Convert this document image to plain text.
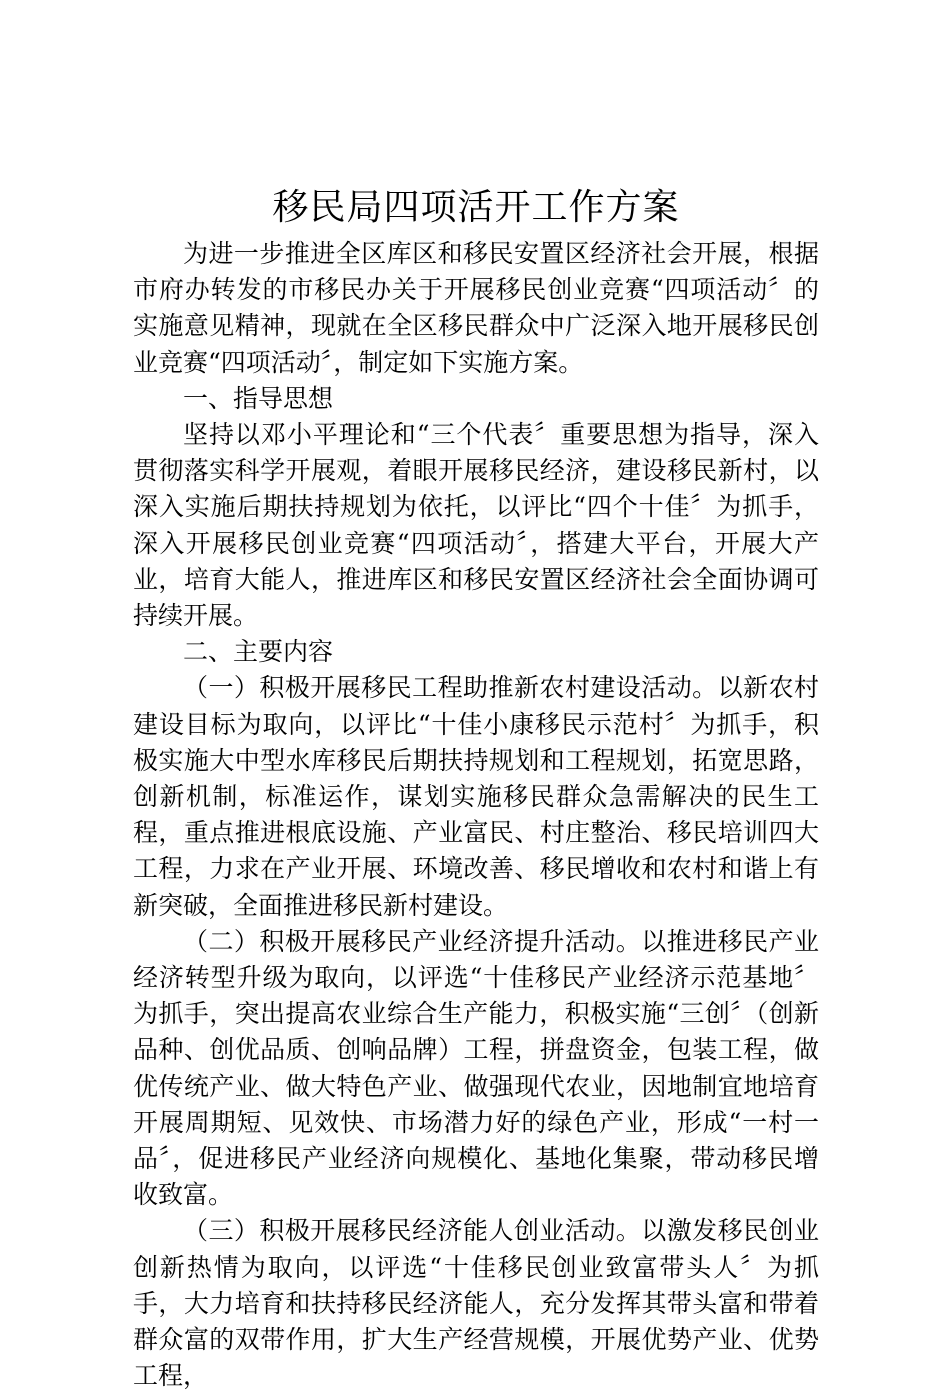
移民局四项活开工作方案

为进一步推进全区库区和移民安置区经济社会开展，根据市府办转发的市移民办关于开展移民创业竞赛“四项活动〞的实施意见精神，现就在全区移民群众中广泛深入地开展移民创业竞赛“四项活动〞，制定如下实施方案。

一、指导思想

坚持以邓小平理论和“三个代表〞重要思想为指导，深入贯彻落实科学开展观，着眼开展移民经济，建设移民新村，以深入实施后期扶持规划为依托，以评比“四个十佳〞为抓手，深入开展移民创业竞赛“四项活动〞，搭建大平台，开展大产业，培育大能人，推进库区和移民安置区经济社会全面协调可持续开展。

二、主要内容

（一）积极开展移民工程助推新农村建设活动。以新农村建设目标为取向，以评比“十佳小康移民示范村〞为抓手，积极实施大中型水库移民后期扶持规划和工程规划，拓宽思路，创新机制，标准运作，谋划实施移民群众急需解决的民生工程，重点推进根底设施、产业富民、村庄整治、移民培训四大工程，力求在产业开展、环境改善、移民增收和农村和谐上有新突破，全面推进移民新村建设。

（二）积极开展移民产业经济提升活动。以推进移民产业经济转型升级为取向，以评选“十佳移民产业经济示范基地〞为抓手，突出提高农业综合生产能力，积极实施“三创〞（创新品种、创优品质、创响品牌）工程，拼盘资金，包装工程，做优传统产业、做大特色产业、做强现代农业，因地制宜地培育开展周期短、见效快、市场潜力好的绿色产业，形成“一村一品〞，促进移民产业经济向规模化、基地化集聚，带动移民增收致富。

（三）积极开展移民经济能人创业活动。以激发移民创业创新热情为取向，以评选“十佳移民创业致富带头人〞为抓手，大力培育和扶持移民经济能人，充分发挥其带头富和带着群众富的双带作用，扩大生产经营规模，开展优势产业、优势工程，
